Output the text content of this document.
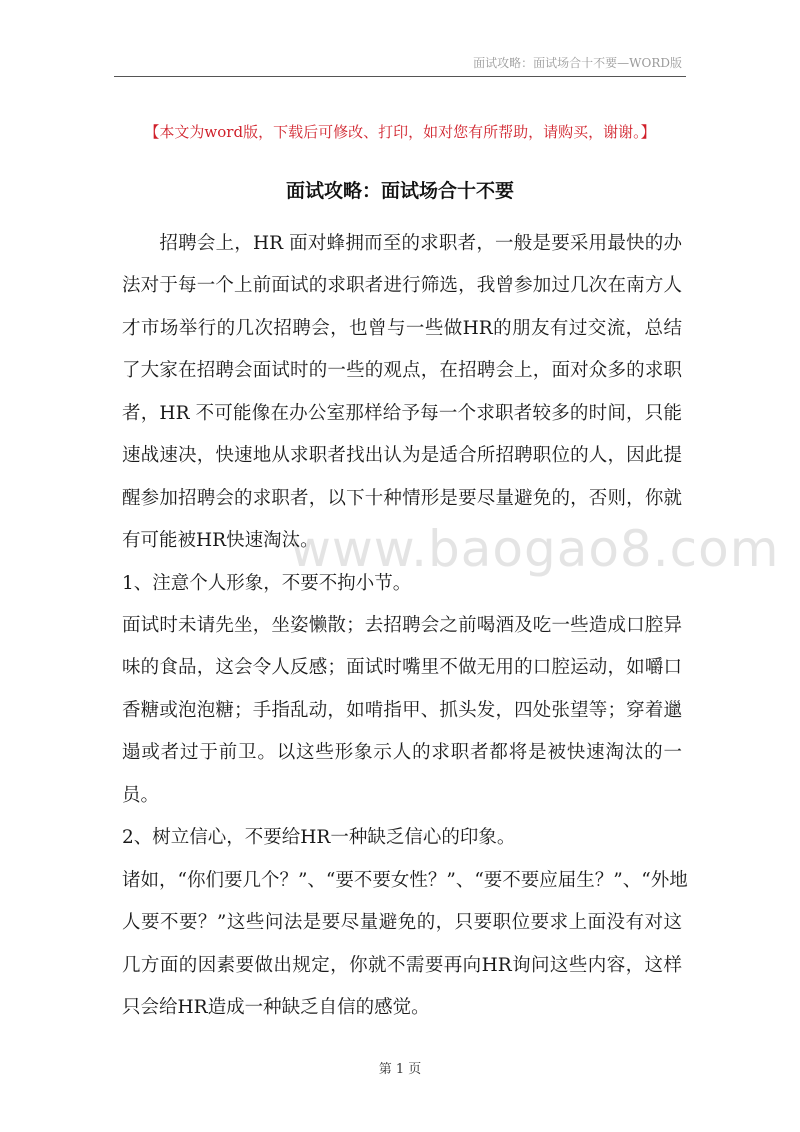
面试攻略：面试场合十不要—WORD版
【本文为word版，下载后可修改、打印，如对您有所帮助，请购买，谢谢。】
面试攻略：面试场合十不要
www.baogao8.com
　　招聘会上，HR 面对蜂拥而至的求职者，一般是要采用最快的办
法对于每一个上前面试的求职者进行筛选，我曾参加过几次在南方人
才市场举行的几次招聘会，也曾与一些做HR的朋友有过交流，总结
了大家在招聘会面试时的一些的观点，在招聘会上，面对众多的求职
者，HR 不可能像在办公室那样给予每一个求职者较多的时间，只能
速战速决，快速地从求职者找出认为是适合所招聘职位的人，因此提
醒参加招聘会的求职者，以下十种情形是要尽量避免的，否则，你就
有可能被HR快速淘汰。
1、注意个人形象，不要不拘小节。
面试时未请先坐，坐姿懒散；去招聘会之前喝酒及吃一些造成口腔异
味的食品，这会令人反感；面试时嘴里不做无用的口腔运动，如嚼口
香糖或泡泡糖；手指乱动，如啃指甲、抓头发，四处张望等；穿着邋
遢或者过于前卫。以这些形象示人的求职者都将是被快速淘汰的一
员。
2、树立信心，不要给HR一种缺乏信心的印象。
诸如，“你们要几个？”、“要不要女性？”、“要不要应届生？”、“外地
人要不要？”这些问法是要尽量避免的，只要职位要求上面没有对这
几方面的因素要做出规定，你就不需要再向HR询问这些内容，这样
只会给HR造成一种缺乏自信的感觉。
第 1 页
